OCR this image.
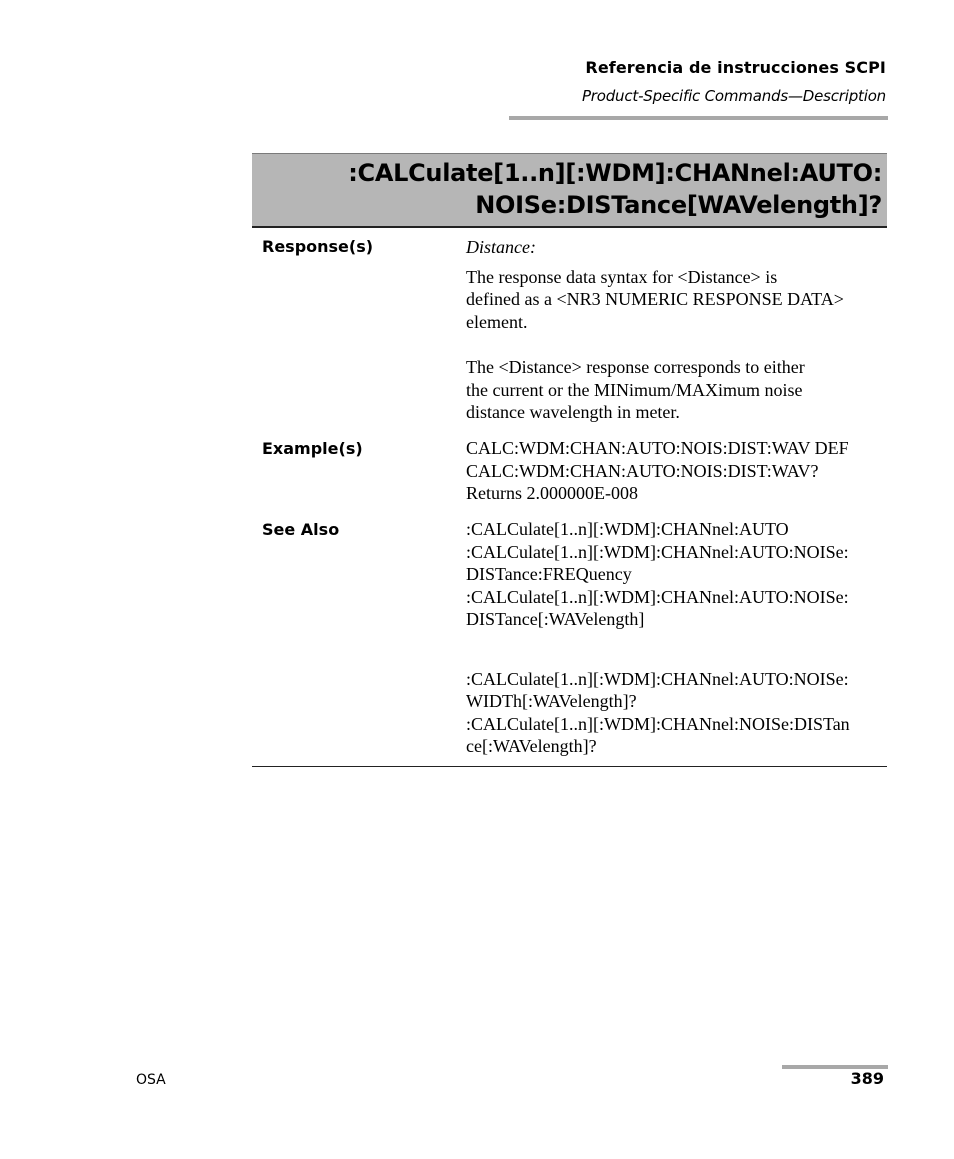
Referencia de instrucciones SCPI
Product-Specific Commands—Description
:CALCulate[1..n][:WDM]:CHANnel:AUTO:
NOISe:DISTance[WAVelength]?
Response(s)	Distance:

The response data syntax for <Distance> is

defined as a <NR3 NUMERIC RESPONSE DATA>

element.

The <Distance> response corresponds to either

the current or the MINimum/MAXimum noise

distance wavelength in meter.

Example(s)	CALC:WDM:CHAN:AUTO:NOIS:DIST:WAV DEF

CALC:WDM:CHAN:AUTO:NOIS:DIST:WAV?

Returns 2.000000E-008

See Also	:CALCulate[1..n][:WDM]:CHANnel:AUTO

:CALCulate[1..n][:WDM]:CHANnel:AUTO:NOISe:

DISTance:FREQuency

:CALCulate[1..n][:WDM]:CHANnel:AUTO:NOISe:

DISTance[:WAVelength]

:CALCulate[1..n][:WDM]:CHANnel:AUTO:NOISe:

WIDTh[:WAVelength]?

:CALCulate[1..n][:WDM]:CHANnel:NOISe:DISTan

ce[:WAVelength]?

OSA	389
